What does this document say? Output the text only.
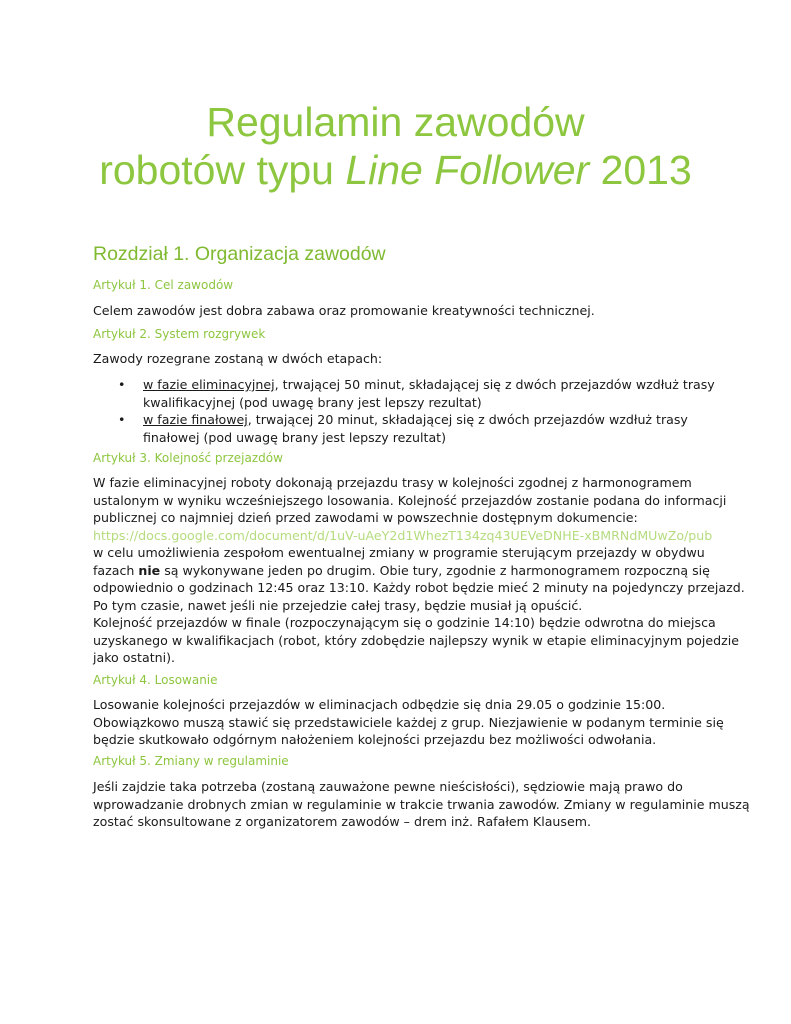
Regulamin zawodów
robotów typu Line Follower 2013
Rozdział 1. Organizacja zawodów
Artykuł 1. Cel zawodów

Celem zawodów jest dobra zabawa oraz promowanie kreatywności technicznej.

Artykuł 2. System rozgrywek

Zawody rozegrane zostaną w dwóch etapach:

• w fazie eliminacyjnej, trwającej 50 minut, składającej się z dwóch przejazdów wzdłuż trasy
kwalifikacyjnej (pod uwagę brany jest lepszy rezultat)
• w fazie finałowej, trwającej 20 minut, składającej się z dwóch przejazdów wzdłuż trasy
finałowej (pod uwagę brany jest lepszy rezultat)
Artykuł 3. Kolejność przejazdów

W fazie eliminacyjnej roboty dokonają przejazdu trasy w kolejności zgodnej z harmonogramem
ustalonym w wyniku wcześniejszego losowania. Kolejność przejazdów zostanie podana do informacji
publicznej co najmniej dzień przed zawodami w powszechnie dostępnym dokumencie:
https://docs.google.com/document/d/1uV-uAeY2d1WhezT134zq43UEVeDNHE-xBMRNdMUwZo/pub
w celu umożliwienia zespołom ewentualnej zmiany w programie sterującym przejazdy w obydwu
fazach nie są wykonywane jeden po drugim. Obie tury, zgodnie z harmonogramem rozpoczną się
odpowiednio o godzinach 12:45 oraz 13:10. Każdy robot będzie mieć 2 minuty na pojedynczy przejazd.
Po tym czasie, nawet jeśli nie przejedzie całej trasy, będzie musiał ją opuścić.

Kolejność przejazdów w finale (rozpoczynającym się o godzinie 14:10) będzie odwrotna do miejsca
uzyskanego w kwalifikacjach (robot, który zdobędzie najlepszy wynik w etapie eliminacyjnym pojedzie
jako ostatni).

Artykuł 4. Losowanie

Losowanie kolejności przejazdów w eliminacjach odbędzie się dnia 29.05 o godzinie 15:00.
Obowiązkowo muszą stawić się przedstawiciele każdej z grup. Niezjawienie w podanym terminie się
będzie skutkowało odgórnym nałożeniem kolejności przejazdu bez możliwości odwołania.

Artykuł 5. Zmiany w regulaminie

Jeśli zajdzie taka potrzeba (zostaną zauważone pewne nieścisłości), sędziowie mają prawo do
wprowadzanie drobnych zmian w regulaminie w trakcie trwania zawodów. Zmiany w regulaminie muszą
zostać skonsultowane z organizatorem zawodów – drem inż. Rafałem Klausem.
